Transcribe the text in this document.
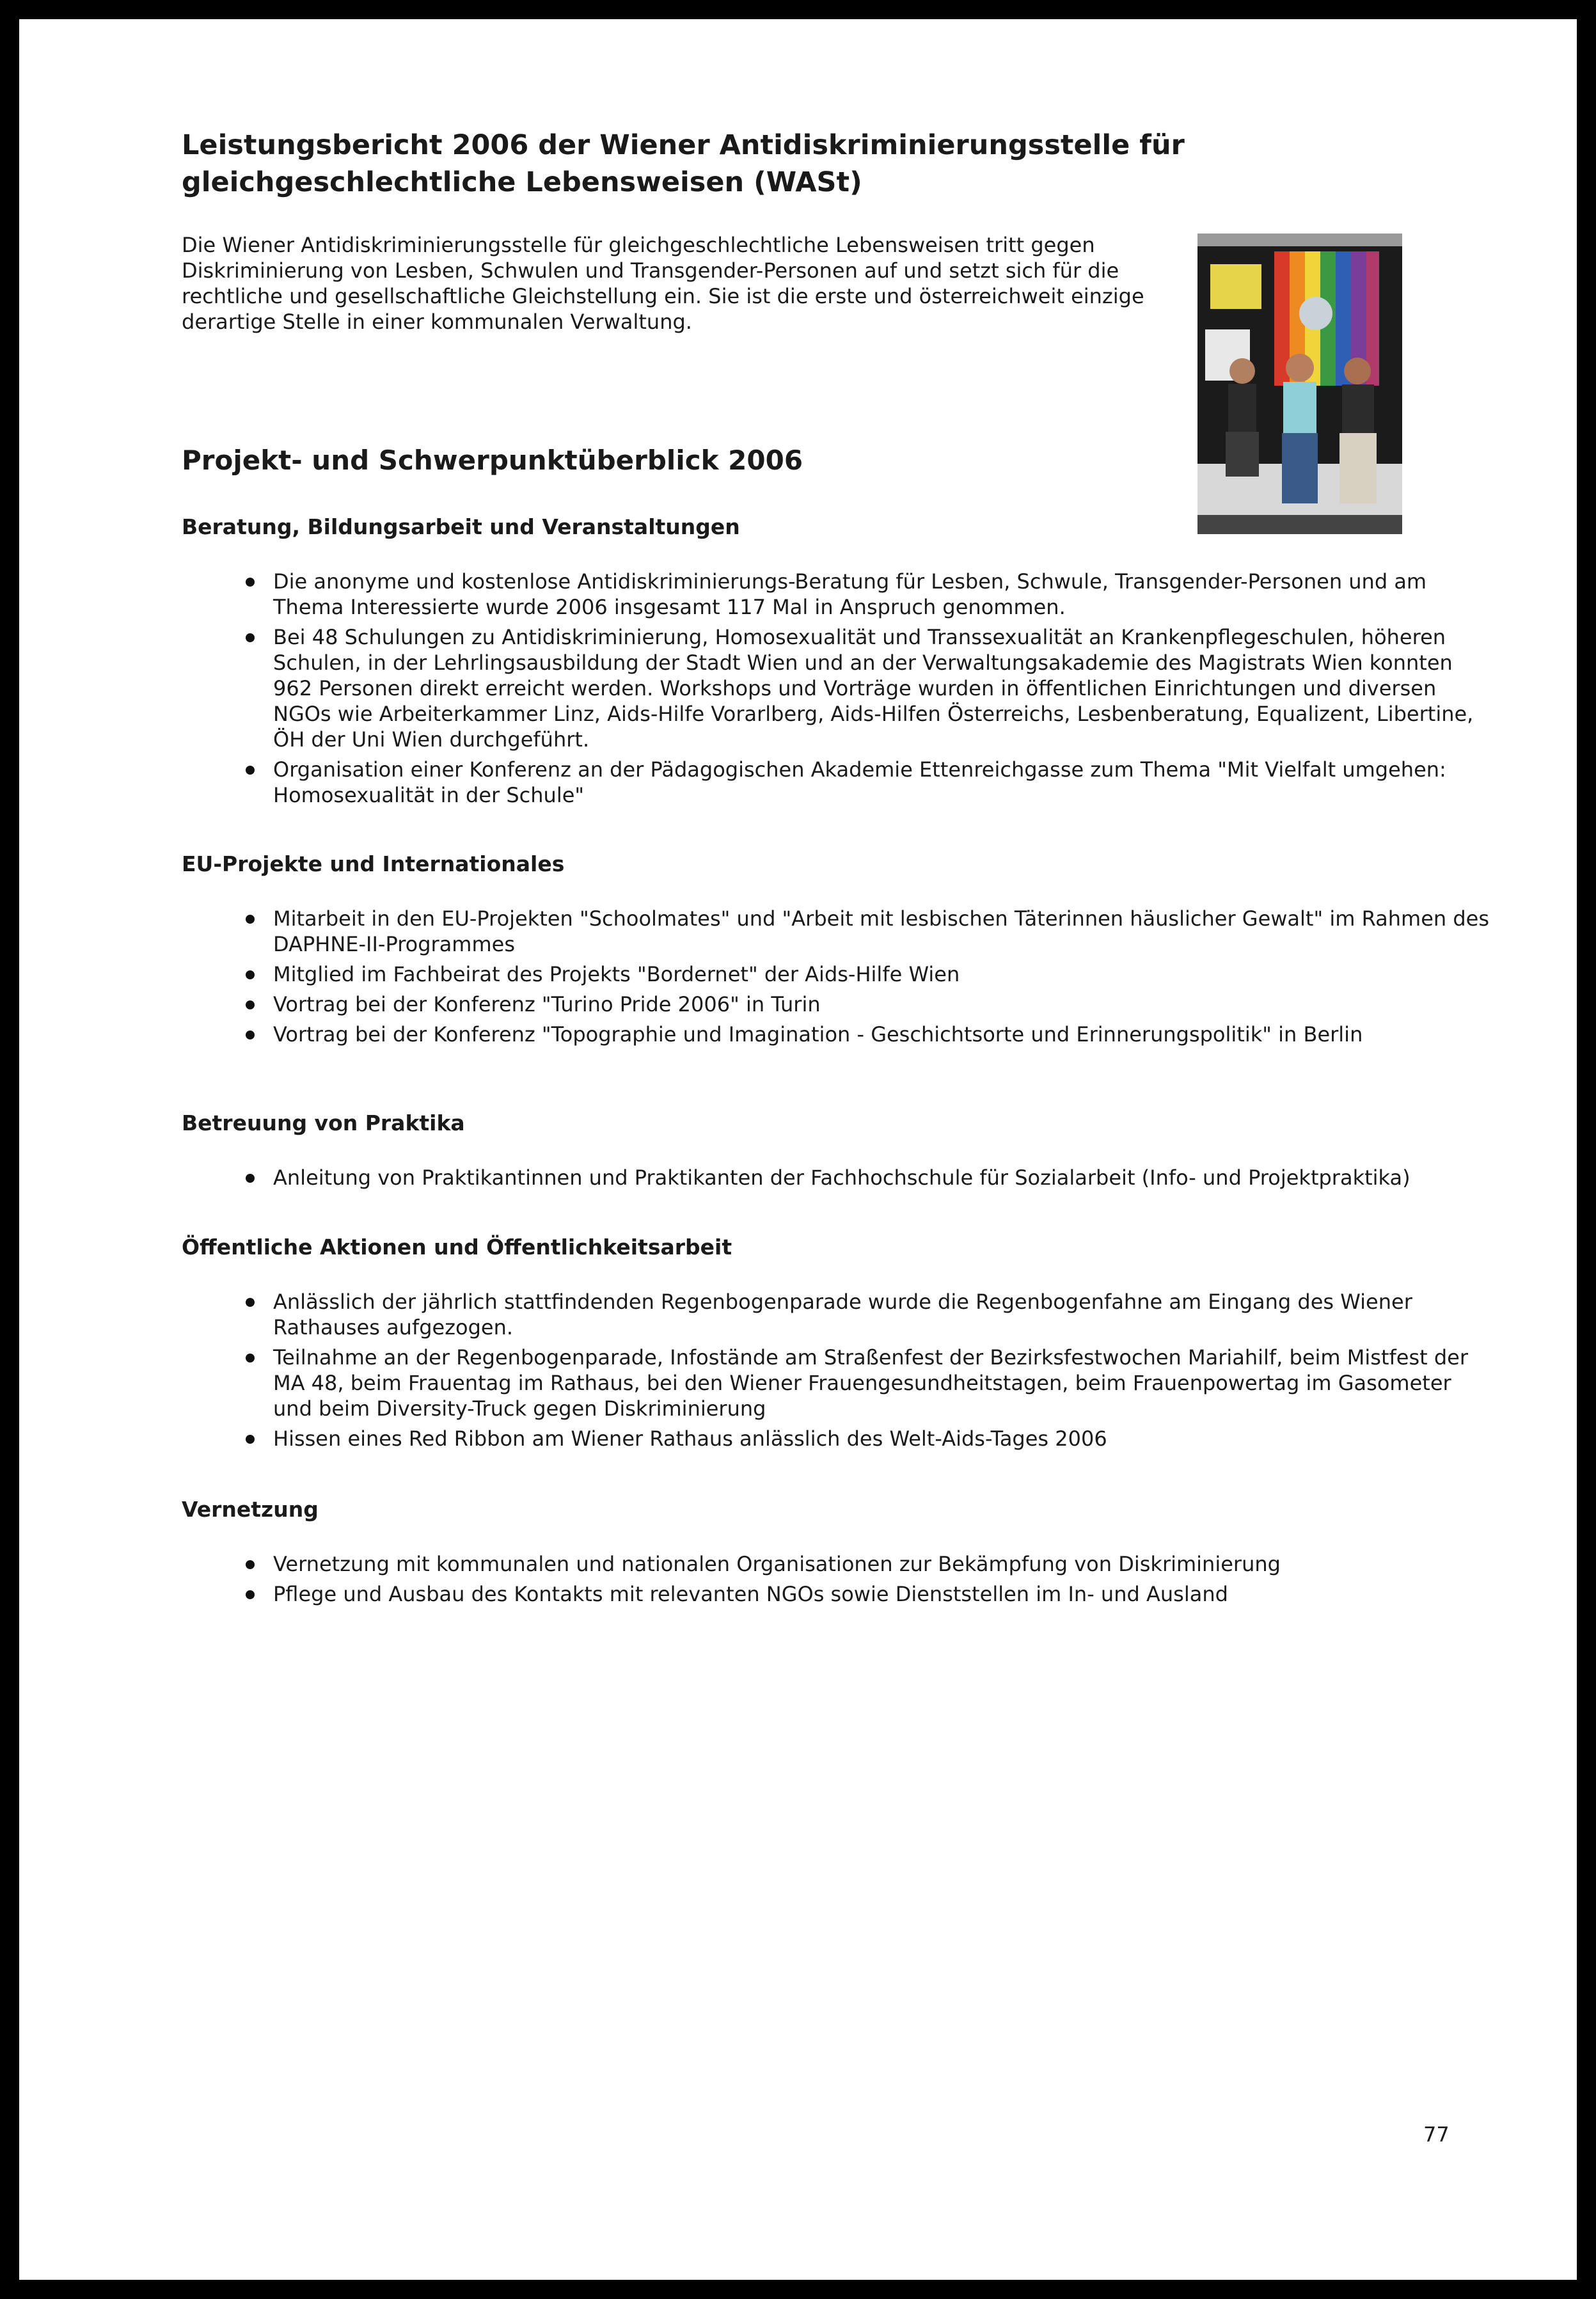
Leistungsbericht 2006 der Wiener Antidiskriminierungsstelle für gleichgeschlechtliche Lebensweisen (WASt)

Die Wiener Antidiskriminierungsstelle für gleichgeschlechtliche Lebensweisen tritt gegen Diskriminierung von Lesben, Schwulen und Transgender-Personen auf und setzt sich für die rechtliche und gesellschaftliche Gleichstellung ein. Sie ist die erste und österreichweit einzige derartige Stelle in einer kommunalen Verwaltung.

Projekt- und Schwerpunktüberblick 2006
Beratung, Bildungsarbeit und Veranstaltungen
Die anonyme und kostenlose Antidiskriminierungs-Beratung für Lesben, Schwule, Transgender-Personen und am Thema Interessierte wurde 2006 insgesamt 117 Mal in Anspruch genommen.
Bei 48 Schulungen zu Antidiskriminierung, Homosexualität und Transsexualität an Krankenpflegeschulen, höheren Schulen, in der Lehrlingsausbildung der Stadt Wien und an der Verwaltungsakademie des Magistrats Wien konnten 962 Personen direkt erreicht werden. Workshops und Vorträge wurden in öffentlichen Einrichtungen und diversen NGOs wie Arbeiterkammer Linz, Aids-Hilfe Vorarlberg, Aids-Hilfen Österreichs, Lesbenberatung, Equalizent, Libertine, ÖH der Uni Wien durchgeführt.
Organisation einer Konferenz an der Pädagogischen Akademie Ettenreichgasse zum Thema "Mit Vielfalt umgehen: Homosexualität in der Schule"
EU-Projekte und Internationales
Mitarbeit in den EU-Projekten "Schoolmates" und "Arbeit mit lesbischen Täterinnen häuslicher Gewalt" im Rahmen des DAPHNE-II-Programmes
Mitglied im Fachbeirat des Projekts "Bordernet" der Aids-Hilfe Wien
Vortrag bei der Konferenz "Turino Pride 2006" in Turin
Vortrag bei der Konferenz "Topographie und Imagination - Geschichtsorte und Erinnerungspolitik" in Berlin
Betreuung von Praktika
Anleitung von Praktikantinnen und Praktikanten der Fachhochschule für Sozialarbeit (Info- und Projektpraktika)
Öffentliche Aktionen und Öffentlichkeitsarbeit
Anlässlich der jährlich stattfindenden Regenbogenparade wurde die Regenbogenfahne am Eingang des Wiener Rathauses aufgezogen.
Teilnahme an der Regenbogenparade, Infostände am Straßenfest der Bezirksfestwochen Mariahilf, beim Mistfest der MA 48, beim Frauentag im Rathaus, bei den Wiener Frauengesundheitstagen, beim Frauenpowertag im Gasometer und beim Diversity-Truck gegen Diskriminierung
Hissen eines Red Ribbon am Wiener Rathaus anlässlich des Welt-Aids-Tages 2006
Vernetzung
Vernetzung mit kommunalen und nationalen Organisationen zur Bekämpfung von Diskriminierung
Pflege und Ausbau des Kontakts mit relevanten NGOs sowie Dienststellen im In- und Ausland
77
